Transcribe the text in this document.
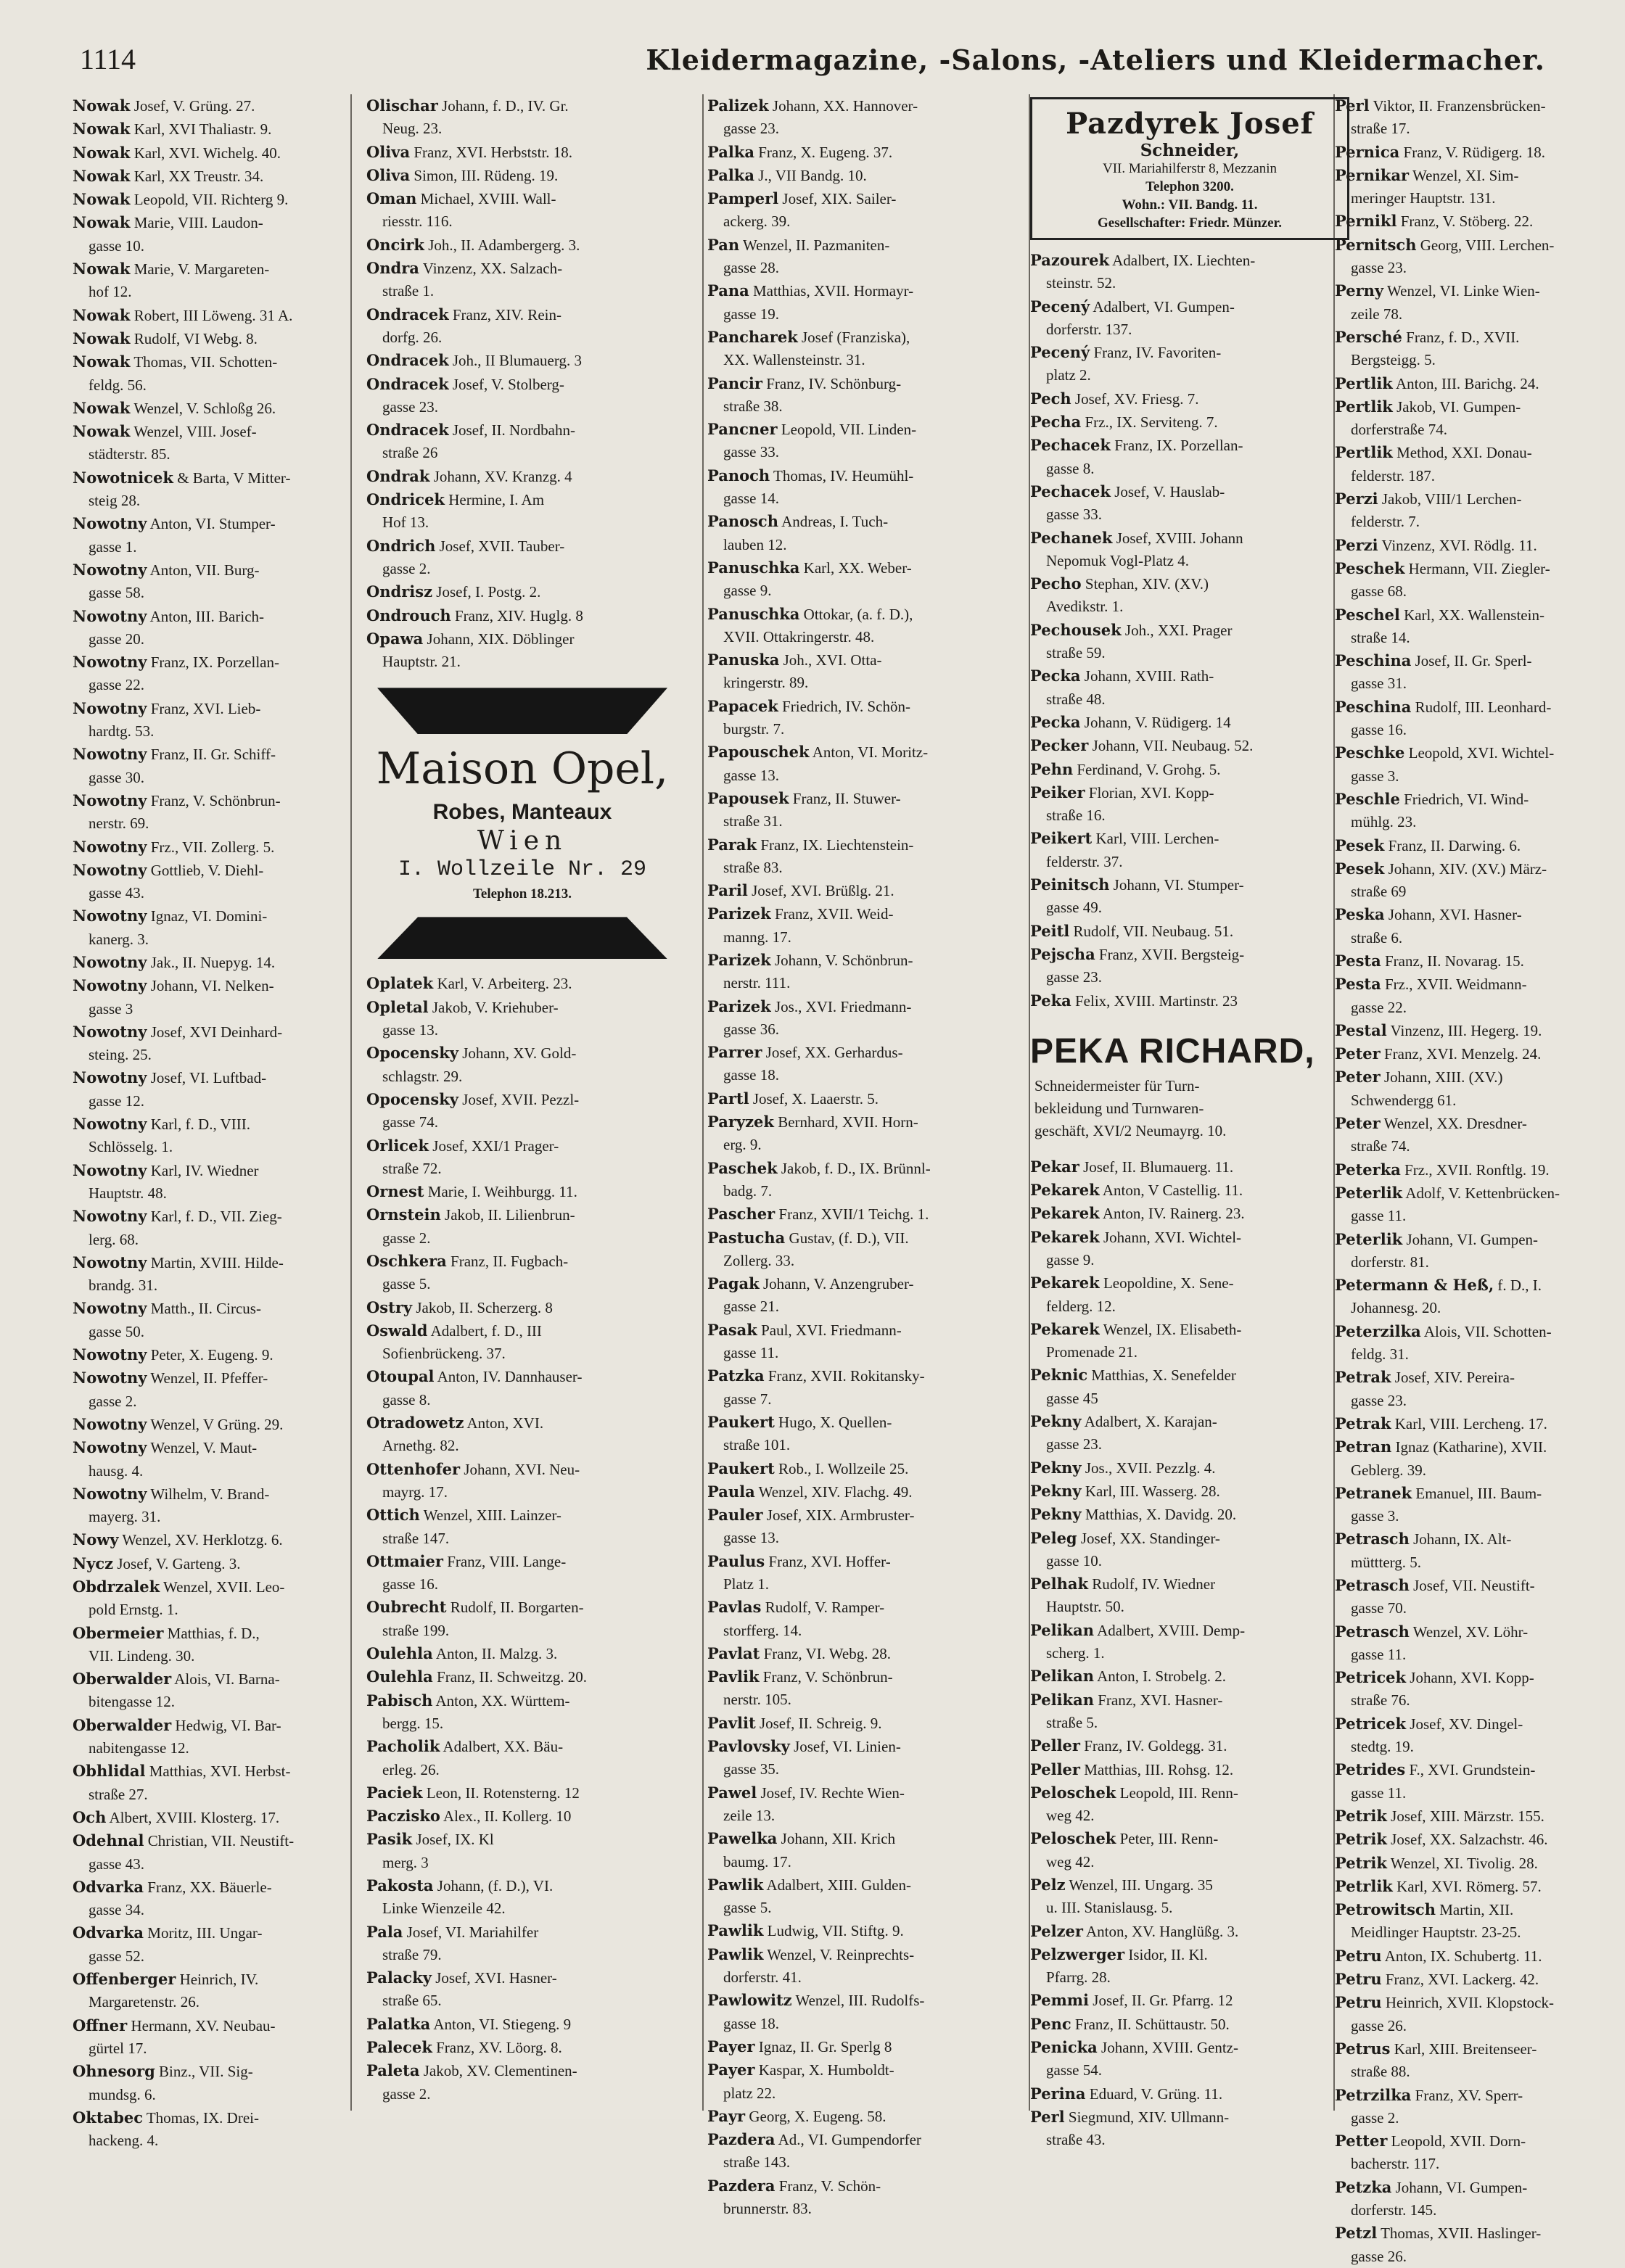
1114	Kleidermagazine, -Salons, -Ateliers und Kleidermacher.
Nowak Josef, V. Grüng. 27.
Nowak Karl, XVI Thaliastr. 9.
Nowak Karl, XVI. Wichelg. 40.
Nowak Karl, XX Treustr. 34.
Nowak Leopold, VII. Richterg 9.
Nowak Marie, VIII. Laudon-
gasse 10.
Nowak Marie, V. Margareten-
hof 12.
Nowak Robert, III Löweng. 31 A.
Nowak Rudolf, VI Webg. 8.
Nowak Thomas, VII. Schotten-
feldg. 56.
Nowak Wenzel, V. Schloßg 26.
Nowak Wenzel, VIII. Josef-
städterstr. 85.
Nowotnicek & Barta, V Mitter-
steig 28.
Nowotny Anton, VI. Stumper-
gasse 1.
Nowotny Anton, VII. Burg-
gasse 58.
Nowotny Anton, III. Barich-
gasse 20.
Nowotny Franz, IX. Porzellan-
gasse 22.
Nowotny Franz, XVI. Lieb-
hardtg. 53.
Nowotny Franz, II. Gr. Schiff-
gasse 30.
Nowotny Franz, V. Schönbrun-
nerstr. 69.
Nowotny Frz., VII. Zollerg. 5.
Nowotny Gottlieb, V. Diehl-
gasse 43.
Nowotny Ignaz, VI. Domini-
kanerg. 3.
Nowotny Jak., II. Nuepyg. 14.
Nowotny Johann, VI. Nelken-
gasse 3
Nowotny Josef, XVI Deinhard-
steing. 25.
Nowotny Josef, VI. Luftbad-
gasse 12.
Nowotny Karl, f. D., VIII.
Schlösselg. 1.
Nowotny Karl, IV. Wiedner
Hauptstr. 48.
Nowotny Karl, f. D., VII. Zieg-
lerg. 68.
Nowotny Martin, XVIII. Hilde-
brandg. 31.
Nowotny Matth., II. Circus-
gasse 50.
Nowotny Peter, X. Eugeng. 9.
Nowotny Wenzel, II. Pfeffer-
gasse 2.
Nowotny Wenzel, V Grüng. 29.
Nowotny Wenzel, V. Maut-
hausg. 4.
Nowotny Wilhelm, V. Brand-
mayerg. 31.
Nowy Wenzel, XV. Herklotzg. 6.
Nycz Josef, V. Garteng. 3.
Obdrzalek Wenzel, XVII. Leo-
pold Ernstg. 1.
Obermeier Matthias, f. D.,
VII. Lindeng. 30.
Oberwalder Alois, VI. Barna-
bitengasse 12.
Oberwalder Hedwig, VI. Bar-
nabitengasse 12.
Obhlidal Matthias, XVI. Herbst-
straße 27.
Och Albert, XVIII. Klosterg. 17.
Odehnal Christian, VII. Neustift-
gasse 43.
Odvarka Franz, XX. Bäuerle-
gasse 34.
Odvarka Moritz, III. Ungar-
gasse 52.
Offenberger Heinrich, IV.
Margaretenstr. 26.
Offner Hermann, XV. Neubau-
gürtel 17.
Ohnesorg Binz., VII. Sig-
mundsg. 6.
Oktabec Thomas, IX. Drei-
hackeng. 4.
Olischar Johann, f. D., IV. Gr.
Neug. 23.
Oliva Franz, XVI. Herbststr. 18.
Oliva Simon, III. Rüdeng. 19.
Oman Michael, XVIII. Wall-
riesstr. 116.
Oncirk Joh., II. Adambergerg. 3.
Ondra Vinzenz, XX. Salzach-
straße 1.
Ondracek Franz, XIV. Rein-
dorfg. 26.
Ondracek Joh., II Blumauerg. 3
Ondracek Josef, V. Stolberg-
gasse 23.
Ondracek Josef, II. Nordbahn-
straße 26
Ondrak Johann, XV. Kranzg. 4
Ondricek Hermine, I. Am
Hof 13.
Ondrich Josef, XVII. Tauber-
gasse 2.
Ondrisz Josef, I. Postg. 2.
Ondrouch Franz, XIV. Huglg. 8
Opawa Johann, XIX. Döblinger
Hauptstr. 21.
Maison Opel,
Robes, Manteaux
Wien
I. Wollzeile Nr. 29
Telephon 18.213.
Oplatek Karl, V. Arbeiterg. 23.
Opletal Jakob, V. Kriehuber-
gasse 13.
Opocensky Johann, XV. Gold-
schlagstr. 29.
Opocensky Josef, XVII. Pezzl-
gasse 74.
Orlicek Josef, XXI/1 Prager-
straße 72.
Ornest Marie, I. Weihburgg. 11.
Ornstein Jakob, II. Lilienbrun-
gasse 2.
Oschkera Franz, II. Fugbach-
gasse 5.
Ostry Jakob, II. Scherzerg. 8
Oswald Adalbert, f. D., III
Sofienbrückeng. 37.
Otoupal Anton, IV. Dannhauser-
gasse 8.
Otradowetz Anton, XVI.
Arnethg. 82.
Ottenhofer Johann, XVI. Neu-
mayrg. 17.
Ottich Wenzel, XIII. Lainzer-
straße 147.
Ottmaier Franz, VIII. Lange-
gasse 16.
Oubrecht Rudolf, II. Borgarten-
straße 199.
Oulehla Anton, II. Malzg. 3.
Oulehla Franz, II. Schweitzg. 20.
Pabisch Anton, XX. Württem-
bergg. 15.
Pacholik Adalbert, XX. Bäu-
erleg. 26.
Paciek Leon, II. Rotensterng. 12
Paczisko Alex., II. Kollerg. 10
Pasik Josef, IX. Kl
merg. 3
Pakosta Johann, (f. D.), VI.
Linke Wienzeile 42.
Pala Josef, VI. Mariahilfer
straße 79.
Palacky Josef, XVI. Hasner-
straße 65.
Palatka Anton, VI. Stiegeng. 9
Palecek Franz, XV. Löorg. 8.
Paleta Jakob, XV. Clementinen-
gasse 2.
Palizek Johann, XX. Hannover-
gasse 23.
Palka Franz, X. Eugeng. 37.
Palka J., VII Bandg. 10.
Pamperl Josef, XIX. Sailer-
ackerg. 39.
Pan Wenzel, II. Pazmaniten-
gasse 28.
Pana Matthias, XVII. Hormayr-
gasse 19.
Pancharek Josef (Franziska),
XX. Wallensteinstr. 31.
Pancir Franz, IV. Schönburg-
straße 38.
Pancner Leopold, VII. Linden-
gasse 33.
Panoch Thomas, IV. Heumühl-
gasse 14.
Panosch Andreas, I. Tuch-
lauben 12.
Panuschka Karl, XX. Weber-
gasse 9.
Panuschka Ottokar, (a. f. D.),
XVII. Ottakringerstr. 48.
Panuska Joh., XVI. Otta-
kringerstr. 89.
Papacek Friedrich, IV. Schön-
burgstr. 7.
Papouschek Anton, VI. Moritz-
gasse 13.
Papousek Franz, II. Stuwer-
straße 31.
Parak Franz, IX. Liechtenstein-
straße 83.
Paril Josef, XVI. Brüßlg. 21.
Parizek Franz, XVII. Weid-
manng. 17.
Parizek Johann, V. Schönbrun-
nerstr. 111.
Parizek Jos., XVI. Friedmann-
gasse 36.
Parrer Josef, XX. Gerhardus-
gasse 18.
Partl Josef, X. Laaerstr. 5.
Paryzek Bernhard, XVII. Horn-
erg. 9.
Paschek Jakob, f. D., IX. Brünnl-
badg. 7.
Pascher Franz, XVII/1 Teichg. 1.
Pastucha Gustav, (f. D.), VII.
Zollerg. 33.
Pagak Johann, V. Anzengruber-
gasse 21.
Pasak Paul, XVI. Friedmann-
gasse 11.
Patzka Franz, XVII. Rokitansky-
gasse 7.
Paukert Hugo, X. Quellen-
straße 101.
Paukert Rob., I. Wollzeile 25.
Paula Wenzel, XIV. Flachg. 49.
Pauler Josef, XIX. Armbruster-
gasse 13.
Paulus Franz, XVI. Hoffer-
Platz 1.
Pavlas Rudolf, V. Ramper-
storfferg. 14.
Pavlat Franz, VI. Webg. 28.
Pavlik Franz, V. Schönbrun-
nerstr. 105.
Pavlit Josef, II. Schreig. 9.
Pavlovsky Josef, VI. Linien-
gasse 35.
Pawel Josef, IV. Rechte Wien-
zeile 13.
Pawelka Johann, XII. Krich
baumg. 17.
Pawlik Adalbert, XIII. Gulden-
gasse 5.
Pawlik Ludwig, VII. Stiftg. 9.
Pawlik Wenzel, V. Reinprechts-
dorferstr. 41.
Pawlowitz Wenzel, III. Rudolfs-
gasse 18.
Payer Ignaz, II. Gr. Sperlg 8
Payer Kaspar, X. Humboldt-
platz 22.
Payr Georg, X. Eugeng. 58.
Pazdera Ad., VI. Gumpendorfer
straße 143.
Pazdera Franz, V. Schön-
brunnerstr. 83.
Pazdyrek Josef
Schneider,
VII. Mariahilferstr 8, Mezzanin
Telephon 3200.
Wohn.: VII. Bandg. 11.
Gesellschafter: Friedr. Münzer.
Pazourek Adalbert, IX. Liechten-
steinstr. 52.
Pecený Adalbert, VI. Gumpen-
dorferstr. 137.
Pecený Franz, IV. Favoriten-
platz 2.
Pech Josef, XV. Friesg. 7.
Pecha Frz., IX. Serviteng. 7.
Pechacek Franz, IX. Porzellan-
gasse 8.
Pechacek Josef, V. Hauslab-
gasse 33.
Pechanek Josef, XVIII. Johann
Nepomuk Vogl-Platz 4.
Pecho Stephan, XIV. (XV.)
Avedikstr. 1.
Pechousek Joh., XXI. Prager
straße 59.
Pecka Johann, XVIII. Rath-
straße 48.
Pecka Johann, V. Rüdigerg. 14
Pecker Johann, VII. Neubaug. 52.
Pehn Ferdinand, V. Grohg. 5.
Peiker Florian, XVI. Kopp-
straße 16.
Peikert Karl, VIII. Lerchen-
felderstr. 37.
Peinitsch Johann, VI. Stumper-
gasse 49.
Peitl Rudolf, VII. Neubaug. 51.
Pejscha Franz, XVII. Bergsteig-
gasse 23.
Peka Felix, XVIII. Martinstr. 23
PEKA RICHARD,
Schneidermeister für Turn-
bekleidung und Turnwaren-
geschäft, XVI/2 Neumayrg. 10.
Pekar Josef, II. Blumauerg. 11.
Pekarek Anton, V Castellig. 11.
Pekarek Anton, IV. Rainerg. 23.
Pekarek Johann, XVI. Wichtel-
gasse 9.
Pekarek Leopoldine, X. Sene-
felderg. 12.
Pekarek Wenzel, IX. Elisabeth-
Promenade 21.
Peknic Matthias, X. Senefelder
gasse 45
Pekny Adalbert, X. Karajan-
gasse 23.
Pekny Jos., XVII. Pezzlg. 4.
Pekny Karl, III. Wasserg. 28.
Pekny Matthias, X. Davidg. 20.
Peleg Josef, XX. Standinger-
gasse 10.
Pelhak Rudolf, IV. Wiedner
Hauptstr. 50.
Pelikan Adalbert, XVIII. Demp-
scherg. 1.
Pelikan Anton, I. Strobelg. 2.
Pelikan Franz, XVI. Hasner-
straße 5.
Peller Franz, IV. Goldegg. 31.
Peller Matthias, III. Rohsg. 12.
Peloschek Leopold, III. Renn-
weg 42.
Peloschek Peter, III. Renn-
weg 42.
Pelz Wenzel, III. Ungarg. 35
u. III. Stanislausg. 5.
Pelzer Anton, XV. Hanglüßg. 3.
Pelzwerger Isidor, II. Kl.
Pfarrg. 28.
Pemmi Josef, II. Gr. Pfarrg. 12
Penc Franz, II. Schüttaustr. 50.
Penicka Johann, XVIII. Gentz-
gasse 54.
Perina Eduard, V. Grüng. 11.
Perl Siegmund, XIV. Ullmann-
straße 43.
Perl Viktor, II. Franzensbrücken-
straße 17.
Pernica Franz, V. Rüdigerg. 18.
Pernikar Wenzel, XI. Sim-
meringer Hauptstr. 131.
Pernikl Franz, V. Stöberg. 22.
Pernitsch Georg, VIII. Lerchen-
gasse 23.
Perny Wenzel, VI. Linke Wien-
zeile 78.
Persché Franz, f. D., XVII.
Bergsteigg. 5.
Pertlik Anton, III. Barichg. 24.
Pertlik Jakob, VI. Gumpen-
dorferstraße 74.
Pertlik Method, XXI. Donau-
felderstr. 187.
Perzi Jakob, VIII/1 Lerchen-
felderstr. 7.
Perzi Vinzenz, XVI. Rödlg. 11.
Peschek Hermann, VII. Ziegler-
gasse 68.
Peschel Karl, XX. Wallenstein-
straße 14.
Peschina Josef, II. Gr. Sperl-
gasse 31.
Peschina Rudolf, III. Leonhard-
gasse 16.
Peschke Leopold, XVI. Wichtel-
gasse 3.
Peschle Friedrich, VI. Wind-
mühlg. 23.
Pesek Franz, II. Darwing. 6.
Pesek Johann, XIV. (XV.) März-
straße 69
Peska Johann, XVI. Hasner-
straße 6.
Pesta Franz, II. Novarag. 15.
Pesta Frz., XVII. Weidmann-
gasse 22.
Pestal Vinzenz, III. Hegerg. 19.
Peter Franz, XVI. Menzelg. 24.
Peter Johann, XIII. (XV.)
Schwendergg 61.
Peter Wenzel, XX. Dresdner-
straße 74.
Peterka Frz., XVII. Ronftlg. 19.
Peterlik Adolf, V. Kettenbrücken-
gasse 11.
Peterlik Johann, VI. Gumpen-
dorferstr. 81.
Petermann & Heß, f. D., I.
Johannesg. 20.
Peterzilka Alois, VII. Schotten-
feldg. 31.
Petrak Josef, XIV. Pereira-
gasse 23.
Petrak Karl, VIII. Lercheng. 17.
Petran Ignaz (Katharine), XVII.
Geblerg. 39.
Petranek Emanuel, III. Baum-
gasse 3.
Petrasch Johann, IX. Alt-
müttterg. 5.
Petrasch Josef, VII. Neustift-
gasse 70.
Petrasch Wenzel, XV. Löhr-
gasse 11.
Petricek Johann, XVI. Kopp-
straße 76.
Petricek Josef, XV. Dingel-
stedtg. 19.
Petrides F., XVI. Grundstein-
gasse 11.
Petrik Josef, XIII. Märzstr. 155.
Petrik Josef, XX. Salzachstr. 46.
Petrik Wenzel, XI. Tivolig. 28.
Petrlik Karl, XVI. Römerg. 57.
Petrowitsch Martin, XII.
Meidlinger Hauptstr. 23-25.
Petru Anton, IX. Schubertg. 11.
Petru Franz, XVI. Lackerg. 42.
Petru Heinrich, XVII. Klopstock-
gasse 26.
Petrus Karl, XIII. Breitenseer-
straße 88.
Petrzilka Franz, XV. Sperr-
gasse 2.
Petter Leopold, XVII. Dorn-
bacherstr. 117.
Petzka Johann, VI. Gumpen-
dorferstr. 145.
Petzl Thomas, XVII. Haslinger-
gasse 26.
